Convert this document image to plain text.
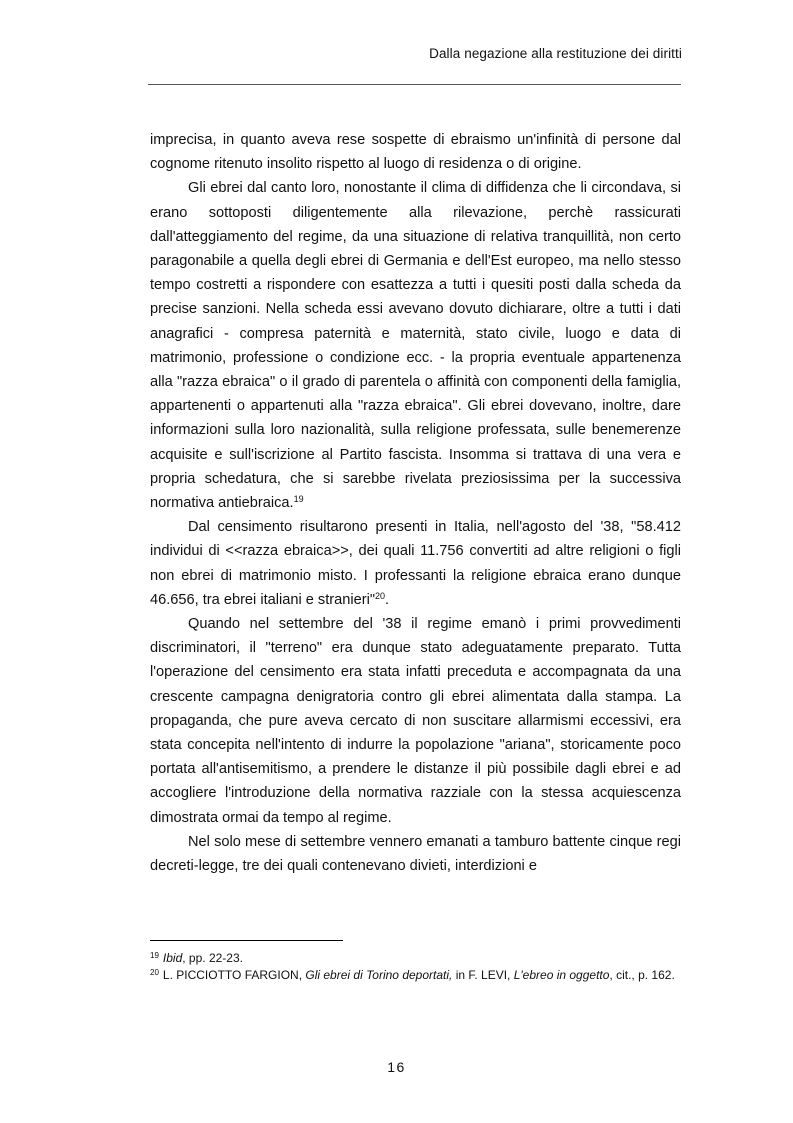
Dalla negazione alla restituzione dei diritti

imprecisa, in quanto aveva rese sospette di ebraismo un'infinità di persone dal cognome ritenuto insolito rispetto al luogo di residenza o di origine.

Gli ebrei dal canto loro, nonostante il clima di diffidenza che li circondava, si erano sottoposti diligentemente alla rilevazione, perchè rassicurati dall'atteggiamento del regime, da una situazione di relativa tranquillità, non certo paragonabile a quella degli ebrei di Germania e dell'Est europeo, ma nello stesso tempo costretti a rispondere con esattezza a tutti i quesiti posti dalla scheda da precise sanzioni. Nella scheda essi avevano dovuto dichiarare, oltre a tutti i dati anagrafici - compresa paternità e maternità, stato civile, luogo e data di matrimonio, professione o condizione ecc. - la propria eventuale appartenenza alla "razza ebraica" o il grado di parentela o affinità con componenti della famiglia, appartenenti o appartenuti alla "razza ebraica". Gli ebrei dovevano, inoltre, dare informazioni sulla loro nazionalità, sulla religione professata, sulle benemerenze acquisite e sull'iscrizione al Partito fascista. Insomma si trattava di una vera e propria schedatura, che si sarebbe rivelata preziosissima per la successiva normativa antiebraica.$^{19}$

Dal censimento risultarono presenti in Italia, nell'agosto del '38, "58.412 individui di <<razza ebraica>>, dei quali 11.756 convertiti ad altre religioni o figli non ebrei di matrimonio misto. I professanti la religione ebraica erano dunque 46.656, tra ebrei italiani e stranieri"$^{20}$.

Quando nel settembre del '38 il regime emanò i primi provvedimenti discriminatori, il "terreno" era dunque stato adeguatamente preparato. Tutta l'operazione del censimento era stata infatti preceduta e accompagnata da una crescente campagna denigratoria contro gli ebrei alimentata dalla stampa. La propaganda, che pure aveva cercato di non suscitare allarmismi eccessivi, era stata concepita nell'intento di indurre la popolazione "ariana", storicamente poco portata all'antisemitismo, a prendere le distanze il più possibile dagli ebrei e ad accogliere l'introduzione della normativa razziale con la stessa acquiescenza dimostrata ormai da tempo al regime.

Nel solo mese di settembre vennero emanati a tamburo battente cinque regi decreti-legge, tre dei quali contenevano divieti, interdizioni e

$^{19}$ Ibid, pp. 22-23.

$^{20}$ L. PICCIOTTO FARGION, Gli ebrei di Torino deportati, in F. LEVI, L'ebreo in oggetto, cit., p. 162.

16
